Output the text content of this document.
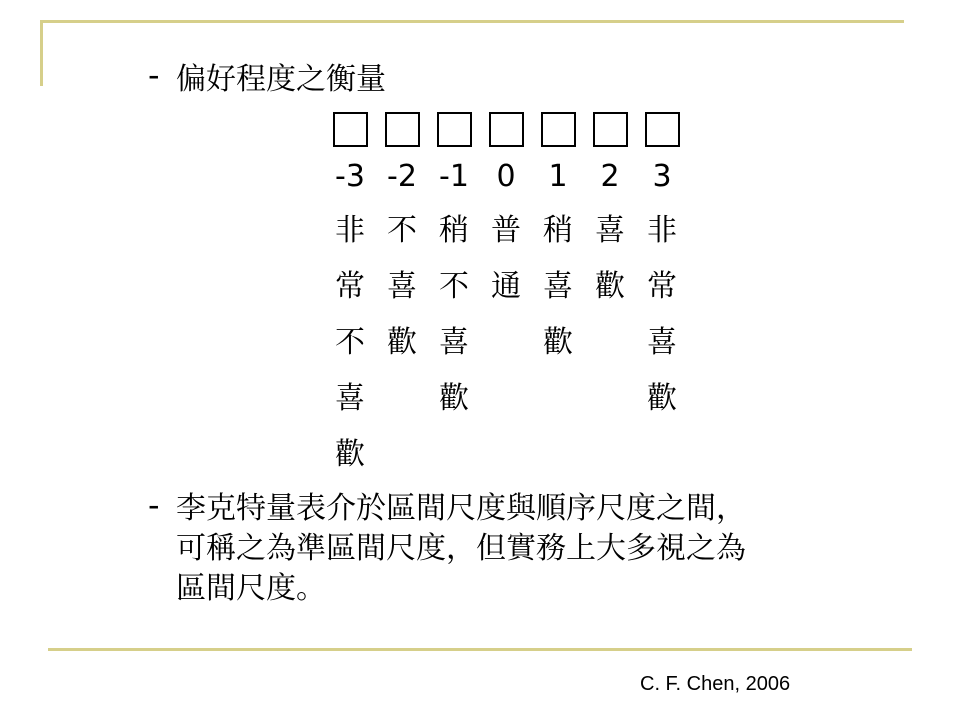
- 偏好程度之衡量
-3
非
常
不
喜
歡
-2
不
喜
歡
-1
稍
不
喜
歡
0
普
通
1
稍
喜
歡
2
喜
歡
3
非
常
喜
歡
- 李克特量表介於區間尺度與順序尺度之間，
可稱之為準區間尺度，但實務上大多視之為
區間尺度。
C. F. Chen, 2006
